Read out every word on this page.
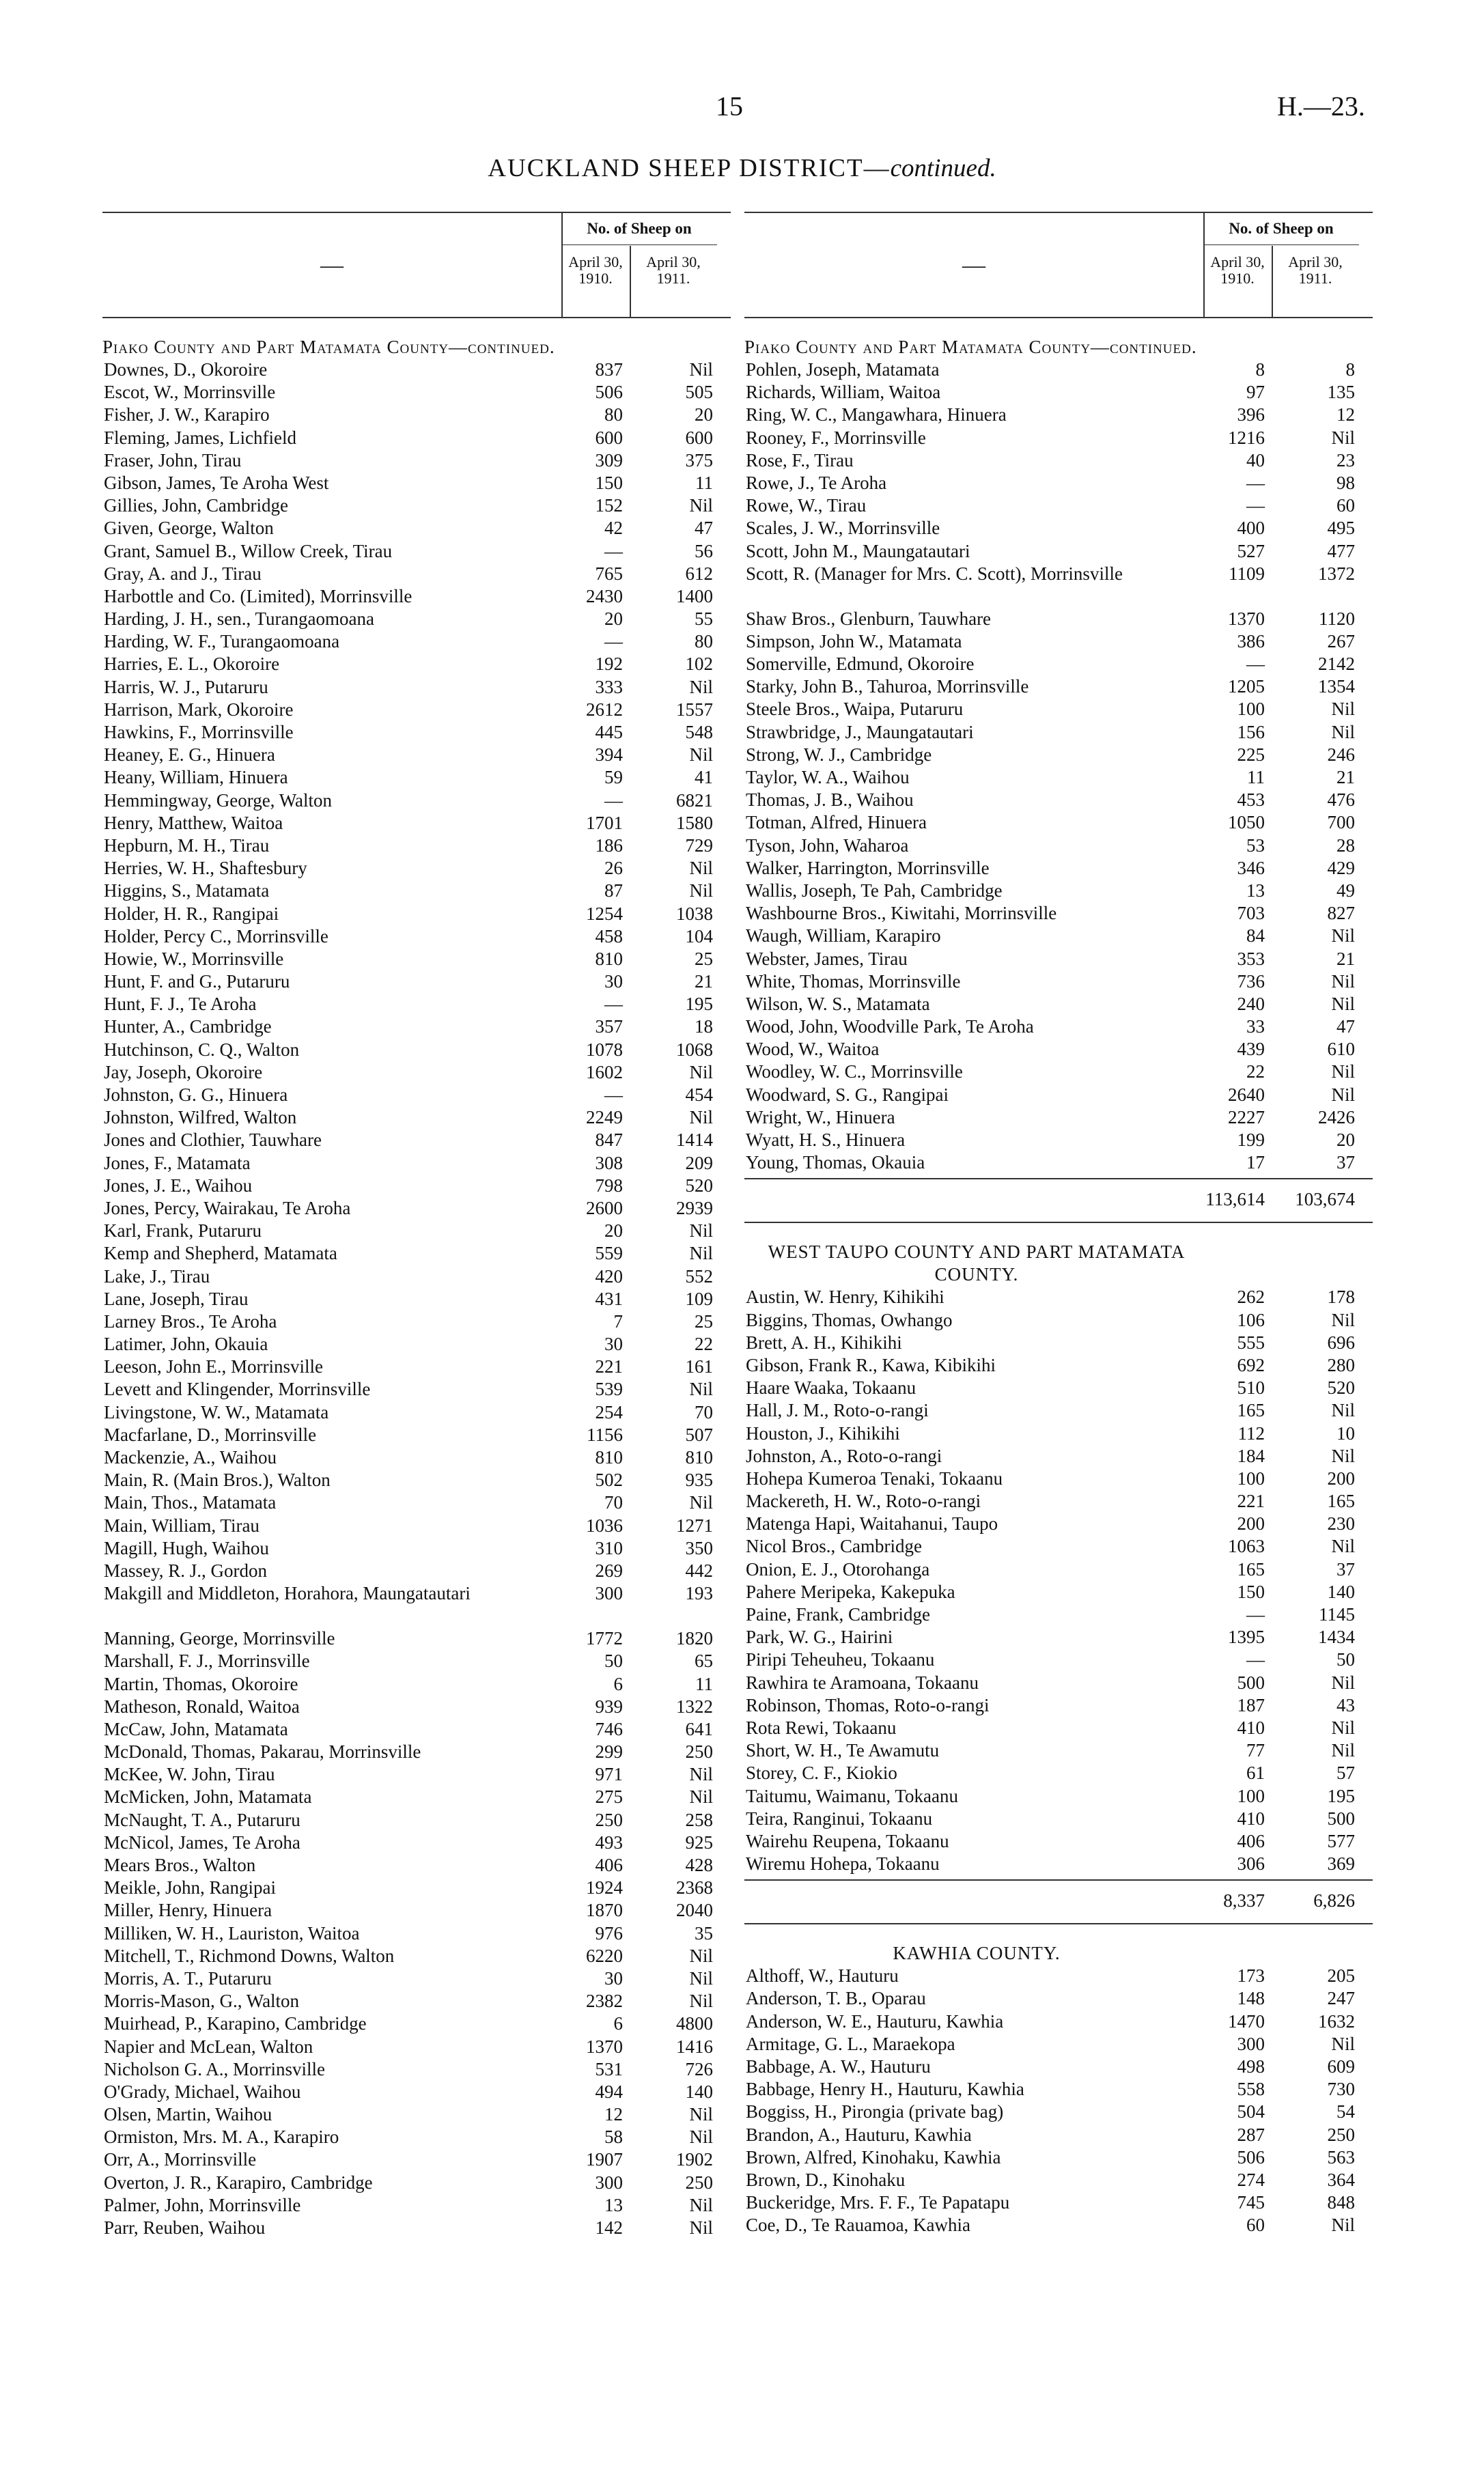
15	H.—23.
AUCKLAND SHEEP DISTRICT—continued.
—
No. of Sheep on
April 30,
1910.
April 30,
1911.
Piako County and Part Matamata County—continued.
Downes, D., Okoroire	837	Nil
Escot, W., Morrinsville	506	505
Fisher, J. W., Karapiro	80	20
Fleming, James, Lichfield	600	600
Fraser, John, Tirau	309	375
Gibson, James, Te Aroha West	150	11
Gillies, John, Cambridge	152	Nil
Given, George, Walton	42	47
Grant, Samuel B., Willow Creek, Tirau	—	56
Gray, A. and J., Tirau	765	612
Harbottle and Co. (Limited), Morrinsville	2430	1400
Harding, J. H., sen., Turangaomoana	20	55
Harding, W. F., Turangaomoana	—	80
Harries, E. L., Okoroire	192	102
Harris, W. J., Putaruru	333	Nil
Harrison, Mark, Okoroire	2612	1557
Hawkins, F., Morrinsville	445	548
Heaney, E. G., Hinuera	394	Nil
Heany, William, Hinuera	59	41
Hemmingway, George, Walton	—	6821
Henry, Matthew, Waitoa	1701	1580
Hepburn, M. H., Tirau	186	729
Herries, W. H., Shaftesbury	26	Nil
Higgins, S., Matamata	87	Nil
Holder, H. R., Rangipai	1254	1038
Holder, Percy C., Morrinsville	458	104
Howie, W., Morrinsville	810	25
Hunt, F. and G., Putaruru	30	21
Hunt, F. J., Te Aroha	—	195
Hunter, A., Cambridge	357	18
Hutchinson, C. Q., Walton	1078	1068
Jay, Joseph, Okoroire	1602	Nil
Johnston, G. G., Hinuera	—	454
Johnston, Wilfred, Walton	2249	Nil
Jones and Clothier, Tauwhare	847	1414
Jones, F., Matamata	308	209
Jones, J. E., Waihou	798	520
Jones, Percy, Wairakau, Te Aroha	2600	2939
Karl, Frank, Putaruru	20	Nil
Kemp and Shepherd, Matamata	559	Nil
Lake, J., Tirau	420	552
Lane, Joseph, Tirau	431	109
Larney Bros., Te Aroha	7	25
Latimer, John, Okauia	30	22
Leeson, John E., Morrinsville	221	161
Levett and Klingender, Morrinsville	539	Nil
Livingstone, W. W., Matamata	254	70
Macfarlane, D., Morrinsville	1156	507
Mackenzie, A., Waihou	810	810
Main, R. (Main Bros.), Walton	502	935
Main, Thos., Matamata	70	Nil
Main, William, Tirau	1036	1271
Magill, Hugh, Waihou	310	350
Massey, R. J., Gordon	269	442
Makgill and Middleton, Horahora, Maungatautari	300	193
Manning, George, Morrinsville	1772	1820
Marshall, F. J., Morrinsville	50	65
Martin, Thomas, Okoroire	6	11
Matheson, Ronald, Waitoa	939	1322
McCaw, John, Matamata	746	641
McDonald, Thomas, Pakarau, Morrinsville	299	250
McKee, W. John, Tirau	971	Nil
McMicken, John, Matamata	275	Nil
McNaught, T. A., Putaruru	250	258
McNicol, James, Te Aroha	493	925
Mears Bros., Walton	406	428
Meikle, John, Rangipai	1924	2368
Miller, Henry, Hinuera	1870	2040
Milliken, W. H., Lauriston, Waitoa	976	35
Mitchell, T., Richmond Downs, Walton	6220	Nil
Morris, A. T., Putaruru	30	Nil
Morris-Mason, G., Walton	2382	Nil
Muirhead, P., Karapino, Cambridge	6	4800
Napier and McLean, Walton	1370	1416
Nicholson G. A., Morrinsville	531	726
O'Grady, Michael, Waihou	494	140
Olsen, Martin, Waihou	12	Nil
Ormiston, Mrs. M. A., Karapiro	58	Nil
Orr, A., Morrinsville	1907	1902
Overton, J. R., Karapiro, Cambridge	300	250
Palmer, John, Morrinsville	13	Nil
Parr, Reuben, Waihou	142	Nil
—
No. of Sheep on
April 30,
1910.
April 30,
1911.
Piako County and Part Matamata County—continued.
Pohlen, Joseph, Matamata	8	8
Richards, William, Waitoa	97	135
Ring, W. C., Mangawhara, Hinuera	396	12
Rooney, F., Morrinsville	1216	Nil
Rose, F., Tirau	40	23
Rowe, J., Te Aroha	—	98
Rowe, W., Tirau	—	60
Scales, J. W., Morrinsville	400	495
Scott, John M., Maungatautari	527	477
Scott, R. (Manager for Mrs. C. Scott), Morrinsville	1109	1372
Shaw Bros., Glenburn, Tauwhare	1370	1120
Simpson, John W., Matamata	386	267
Somerville, Edmund, Okoroire	—	2142
Starky, John B., Tahuroa, Morrinsville	1205	1354
Steele Bros., Waipa, Putaruru	100	Nil
Strawbridge, J., Maungatautari	156	Nil
Strong, W. J., Cambridge	225	246
Taylor, W. A., Waihou	11	21
Thomas, J. B., Waihou	453	476
Totman, Alfred, Hinuera	1050	700
Tyson, John, Waharoa	53	28
Walker, Harrington, Morrinsville	346	429
Wallis, Joseph, Te Pah, Cambridge	13	49
Washbourne Bros., Kiwitahi, Morrinsville	703	827
Waugh, William, Karapiro	84	Nil
Webster, James, Tirau	353	21
White, Thomas, Morrinsville	736	Nil
Wilson, W. S., Matamata	240	Nil
Wood, John, Woodville Park, Te Aroha	33	47
Wood, W., Waitoa	439	610
Woodley, W. C., Morrinsville	22	Nil
Woodward, S. G., Rangipai	2640	Nil
Wright, W., Hinuera	2227	2426
Wyatt, H. S., Hinuera	199	20
Young, Thomas, Okauia	17	37
113,614	103,674
WEST TAUPO COUNTY AND PART MATAMATA COUNTY.
Austin, W. Henry, Kihikihi	262	178
Biggins, Thomas, Owhango	106	Nil
Brett, A. H., Kihikihi	555	696
Gibson, Frank R., Kawa, Kibikihi	692	280
Haare Waaka, Tokaanu	510	520
Hall, J. M., Roto-o-rangi	165	Nil
Houston, J., Kihikihi	112	10
Johnston, A., Roto-o-rangi	184	Nil
Hohepa Kumeroa Tenaki, Tokaanu	100	200
Mackereth, H. W., Roto-o-rangi	221	165
Matenga Hapi, Waitahanui, Taupo	200	230
Nicol Bros., Cambridge	1063	Nil
Onion, E. J., Otorohanga	165	37
Pahere Meripeka, Kakepuka	150	140
Paine, Frank, Cambridge	—	1145
Park, W. G., Hairini	1395	1434
Piripi Teheuheu, Tokaanu	—	50
Rawhira te Aramoana, Tokaanu	500	Nil
Robinson, Thomas, Roto-o-rangi	187	43
Rota Rewi, Tokaanu	410	Nil
Short, W. H., Te Awamutu	77	Nil
Storey, C. F., Kiokio	61	57
Taitumu, Waimanu, Tokaanu	100	195
Teira, Ranginui, Tokaanu	410	500
Wairehu Reupena, Tokaanu	406	577
Wiremu Hohepa, Tokaanu	306	369
8,337	6,826
KAWHIA COUNTY.
Althoff, W., Hauturu	173	205
Anderson, T. B., Oparau	148	247
Anderson, W. E., Hauturu, Kawhia	1470	1632
Armitage, G. L., Maraekopa	300	Nil
Babbage, A. W., Hauturu	498	609
Babbage, Henry H., Hauturu, Kawhia	558	730
Boggiss, H., Pirongia (private bag)	504	54
Brandon, A., Hauturu, Kawhia	287	250
Brown, Alfred, Kinohaku, Kawhia	506	563
Brown, D., Kinohaku	274	364
Buckeridge, Mrs. F. F., Te Papatapu	745	848
Coe, D., Te Rauamoa, Kawhia	60	Nil
